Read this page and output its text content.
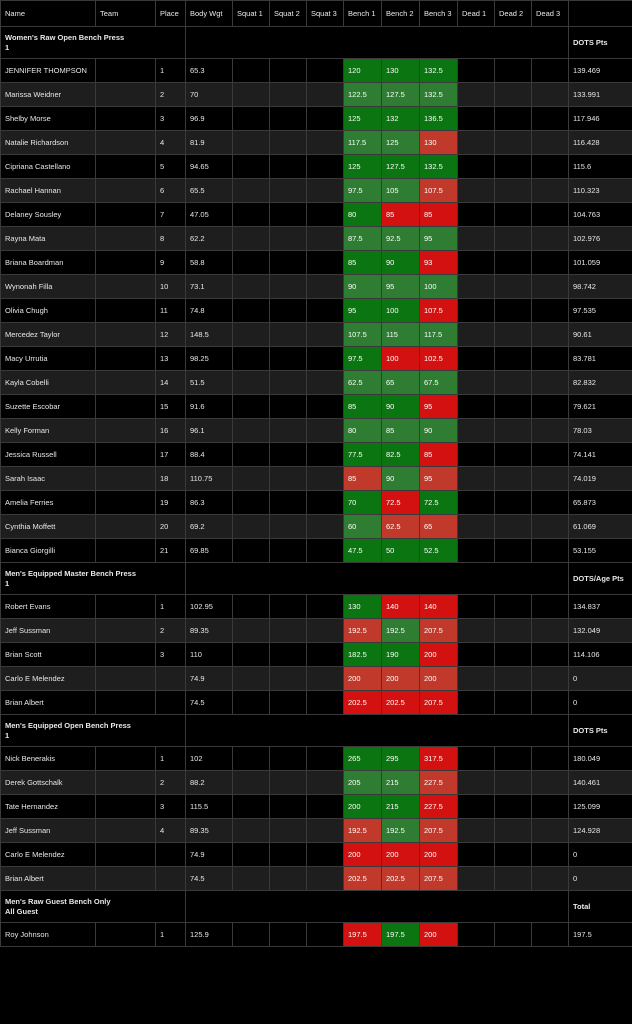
Name	Team	Place	Body Wgt	Squat 1	Squat 2	Squat 3	Bench 1	Bench 2	Bench 3	Dead 1	Dead 2	Dead 3	
Women's Raw Open Bench Press
1													DOTS Pts
JENNIFER THOMPSON		1	65.3				120	130	132.5				139.469
Marissa Weidner		2	70				122.5	127.5	132.5				133.991
Shelby Morse		3	96.9				125	132	136.5				117.946
Natalie Richardson		4	81.9				117.5	125	130				116.428
Cipriana Castellano		5	94.65				125	127.5	132.5				115.6
Rachael Hannan		6	65.5				97.5	105	107.5				110.323
Delaney Sousley		7	47.05				80	85	85				104.763
Rayna Mata		8	62.2				87.5	92.5	95				102.976
Briana Boardman		9	58.8				85	90	93				101.059
Wynonah Filla		10	73.1				90	95	100				98.742
Olivia Chugh		11	74.8				95	100	107.5				97.535
Mercedez Taylor		12	148.5				107.5	115	117.5				90.61
Macy Urrutia		13	98.25				97.5	100	102.5				83.781
Kayla Cobelli		14	51.5				62.5	65	67.5				82.832
Suzette Escobar		15	91.6				85	90	95				79.621
Kelly Forman		16	96.1				80	85	90				78.03
Jessica Russell		17	88.4				77.5	82.5	85				74.141
Sarah Isaac		18	110.75				85	90	95				74.019
Amelia Ferries		19	86.3				70	72.5	72.5				65.873
Cynthia Moffett		20	69.2				60	62.5	65				61.069
Bianca Giorgilli		21	69.85				47.5	50	52.5				53.155
Men's Equipped Master Bench Press
1													DOTS/Age Pts
Robert Evans		1	102.95				130	140	140				134.837
Jeff Sussman		2	89.35				192.5	192.5	207.5				132.049
Brian Scott		3	110				182.5	190	200				114.106
Carlo E Melendez			74.9				200	200	200				0
Brian Albert			74.5				202.5	202.5	207.5				0
Men's Equipped Open Bench Press
1													DOTS Pts
Nick Benerakis		1	102				265	295	317.5				180.049
Derek Gottschalk		2	88.2				205	215	227.5				140.461
Tate Hernandez		3	115.5				200	215	227.5				125.099
Jeff Sussman		4	89.35				192.5	192.5	207.5				124.928
Carlo E Melendez			74.9				200	200	200				0
Brian Albert			74.5				202.5	202.5	207.5				0
Men's Raw Guest Bench Only
All Guest													Total
Roy Johnson		1	125.9				197.5	197.5	200				197.5
